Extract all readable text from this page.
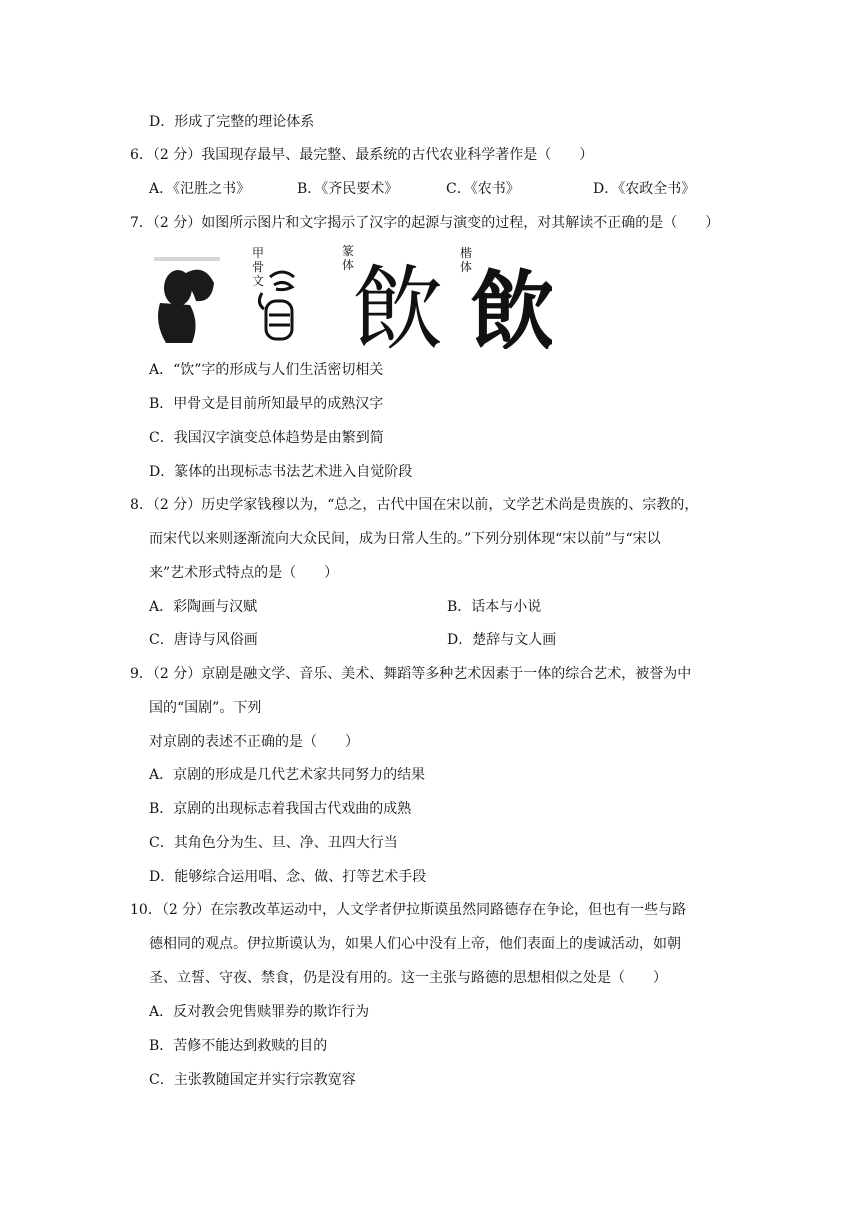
D．形成了完整的理论体系
6．（2 分）我国现存最早、最完整、最系统的古代农业科学著作是（　　）
A．《氾胜之书》	B．《齐民要术》	C．《农书》	D．《农政全书》
7．（2 分）如图所示图片和文字揭示了汉字的起源与演变的过程，对其解读不正确的是（　　）
甲骨文
篆体
楷体
飲 飲
A．“饮”字的形成与人们生活密切相关
B．甲骨文是目前所知最早的成熟汉字
C．我国汉字演变总体趋势是由繁到简
D．篆体的出现标志书法艺术进入自觉阶段
8．（2 分）历史学家钱穆以为，“总之，古代中国在宋以前，文学艺术尚是贵族的、宗教的，
而宋代以来则逐渐流向大众民间，成为日常人生的。”下列分别体现“宋以前”与“宋以
来”艺术形式特点的是（　　）
A．彩陶画与汉赋	B．话本与小说
C．唐诗与风俗画	D．楚辞与文人画
9．（2 分）京剧是融文学、音乐、美术、舞蹈等多种艺术因素于一体的综合艺术，被誉为中
国的“国剧”。下列
对京剧的表述不正确的是（　　）
A．京剧的形成是几代艺术家共同努力的结果
B．京剧的出现标志着我国古代戏曲的成熟
C．其角色分为生、旦、净、丑四大行当
D．能够综合运用唱、念、做、打等艺术手段
10．（2 分）在宗教改革运动中，人文学者伊拉斯谟虽然同路德存在争论，但也有一些与路
德相同的观点。伊拉斯谟认为，如果人们心中没有上帝，他们表面上的虔诚活动，如朝
圣、立誓、守夜、禁食，仍是没有用的。这一主张与路德的思想相似之处是（　　）
A．反对教会兜售赎罪券的欺诈行为
B．苦修不能达到救赎的目的
C．主张教随国定并实行宗教宽容
